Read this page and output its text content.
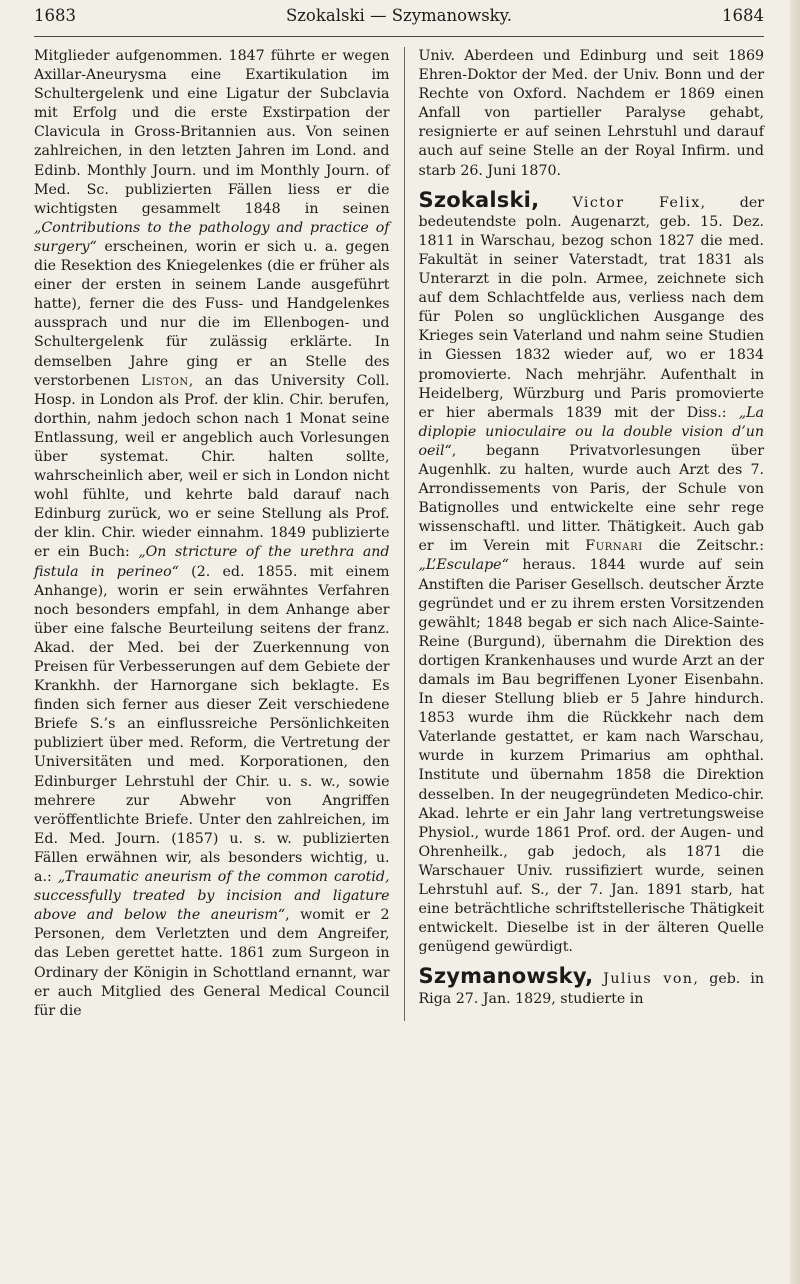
1683	Szokalski — Szymanowsky.	1684

Mitglieder aufgenommen. 1847 führte er wegen Axillar-Aneurysma eine Exartikulation im Schultergelenk und eine Ligatur der Subclavia mit Erfolg und die erste Exstirpation der Clavicula in Gross-Britannien aus. Von seinen zahlreichen, in den letzten Jahren im Lond. and Edinb. Monthly Journ. und im Monthly Journ. of Med. Sc. publizierten Fällen liess er die wichtigsten gesammelt 1848 in seinen „Contributions to the pathology and practice of surgery“ erscheinen, worin er sich u. a. gegen die Resektion des Kniegelenkes (die er früher als einer der ersten in seinem Lande ausgeführt hatte), ferner die des Fuss- und Handgelenkes aussprach und nur die im Ellenbogen- und Schultergelenk für zulässig erklärte. In demselben Jahre ging er an Stelle des verstorbenen Liston, an das University Coll. Hosp. in London als Prof. der klin. Chir. berufen, dorthin, nahm jedoch schon nach 1 Monat seine Entlassung, weil er angeblich auch Vorlesungen über systemat. Chir. halten sollte, wahrscheinlich aber, weil er sich in London nicht wohl fühlte, und kehrte bald darauf nach Edinburg zurück, wo er seine Stellung als Prof. der klin. Chir. wieder einnahm. 1849 publizierte er ein Buch: „On stricture of the urethra and fistula in perineo“ (2. ed. 1855. mit einem Anhange), worin er sein erwähntes Verfahren noch besonders empfahl, in dem Anhange aber über eine falsche Beurteilung seitens der franz. Akad. der Med. bei der Zuerkennung von Preisen für Verbesserungen auf dem Gebiete der Krankhh. der Harnorgane sich beklagte. Es finden sich ferner aus dieser Zeit verschiedene Briefe S.’s an einflussreiche Persönlichkeiten publiziert über med. Reform, die Vertretung der Universitäten und med. Korporationen, den Edinburger Lehrstuhl der Chir. u. s. w., sowie mehrere zur Abwehr von Angriffen veröffentlichte Briefe. Unter den zahlreichen, im Ed. Med. Journ. (1857) u. s. w. publizierten Fällen erwähnen wir, als besonders wichtig, u. a.: „Traumatic aneurism of the common carotid, successfully treated by incision and ligature above and below the aneurism“, womit er 2 Personen, dem Verletzten und dem Angreifer, das Leben gerettet hatte. 1861 zum Surgeon in Ordinary der Königin in Schottland ernannt, war er auch Mitglied des General Medical Council für die

Univ. Aberdeen und Edinburg und seit 1869 Ehren-Doktor der Med. der Univ. Bonn und der Rechte von Oxford. Nachdem er 1869 einen Anfall von partieller Paralyse gehabt, resignierte er auf seinen Lehrstuhl und darauf auch auf seine Stelle an der Royal Infirm. und starb 26. Juni 1870.

Szokalski, Victor Felix, der bedeutendste poln. Augenarzt, geb. 15. Dez. 1811 in Warschau, bezog schon 1827 die med. Fakultät in seiner Vaterstadt, trat 1831 als Unterarzt in die poln. Armee, zeichnete sich auf dem Schlachtfelde aus, verliess nach dem für Polen so unglücklichen Ausgange des Krieges sein Vaterland und nahm seine Studien in Giessen 1832 wieder auf, wo er 1834 promovierte. Nach mehrjähr. Aufenthalt in Heidelberg, Würzburg und Paris promovierte er hier abermals 1839 mit der Diss.: „La diplopie unioculaire ou la double vision d’un oeil“, begann Privatvorlesungen über Augenhlk. zu halten, wurde auch Arzt des 7. Arrondissements von Paris, der Schule von Batignolles und entwickelte eine sehr rege wissenschaftl. und litter. Thätigkeit. Auch gab er im Verein mit Furnari die Zeitschr.: „L’Esculape“ heraus. 1844 wurde auf sein Anstiften die Pariser Gesellsch. deutscher Ärzte gegründet und er zu ihrem ersten Vorsitzenden gewählt; 1848 begab er sich nach Alice-Sainte-Reine (Burgund), übernahm die Direktion des dortigen Krankenhauses und wurde Arzt an der damals im Bau begriffenen Lyoner Eisenbahn. In dieser Stellung blieb er 5 Jahre hindurch. 1853 wurde ihm die Rückkehr nach dem Vaterlande gestattet, er kam nach Warschau, wurde in kurzem Primarius am ophthal. Institute und übernahm 1858 die Direktion desselben. In der neugegründeten Medico-chir. Akad. lehrte er ein Jahr lang vertretungsweise Physiol., wurde 1861 Prof. ord. der Augen- und Ohrenheilk., gab jedoch, als 1871 die Warschauer Univ. russifiziert wurde, seinen Lehrstuhl auf. S., der 7. Jan. 1891 starb, hat eine beträchtliche schriftstellerische Thätigkeit entwickelt. Dieselbe ist in der älteren Quelle genügend gewürdigt.

Szymanowsky, Julius von, geb. in Riga 27. Jan. 1829, studierte in
